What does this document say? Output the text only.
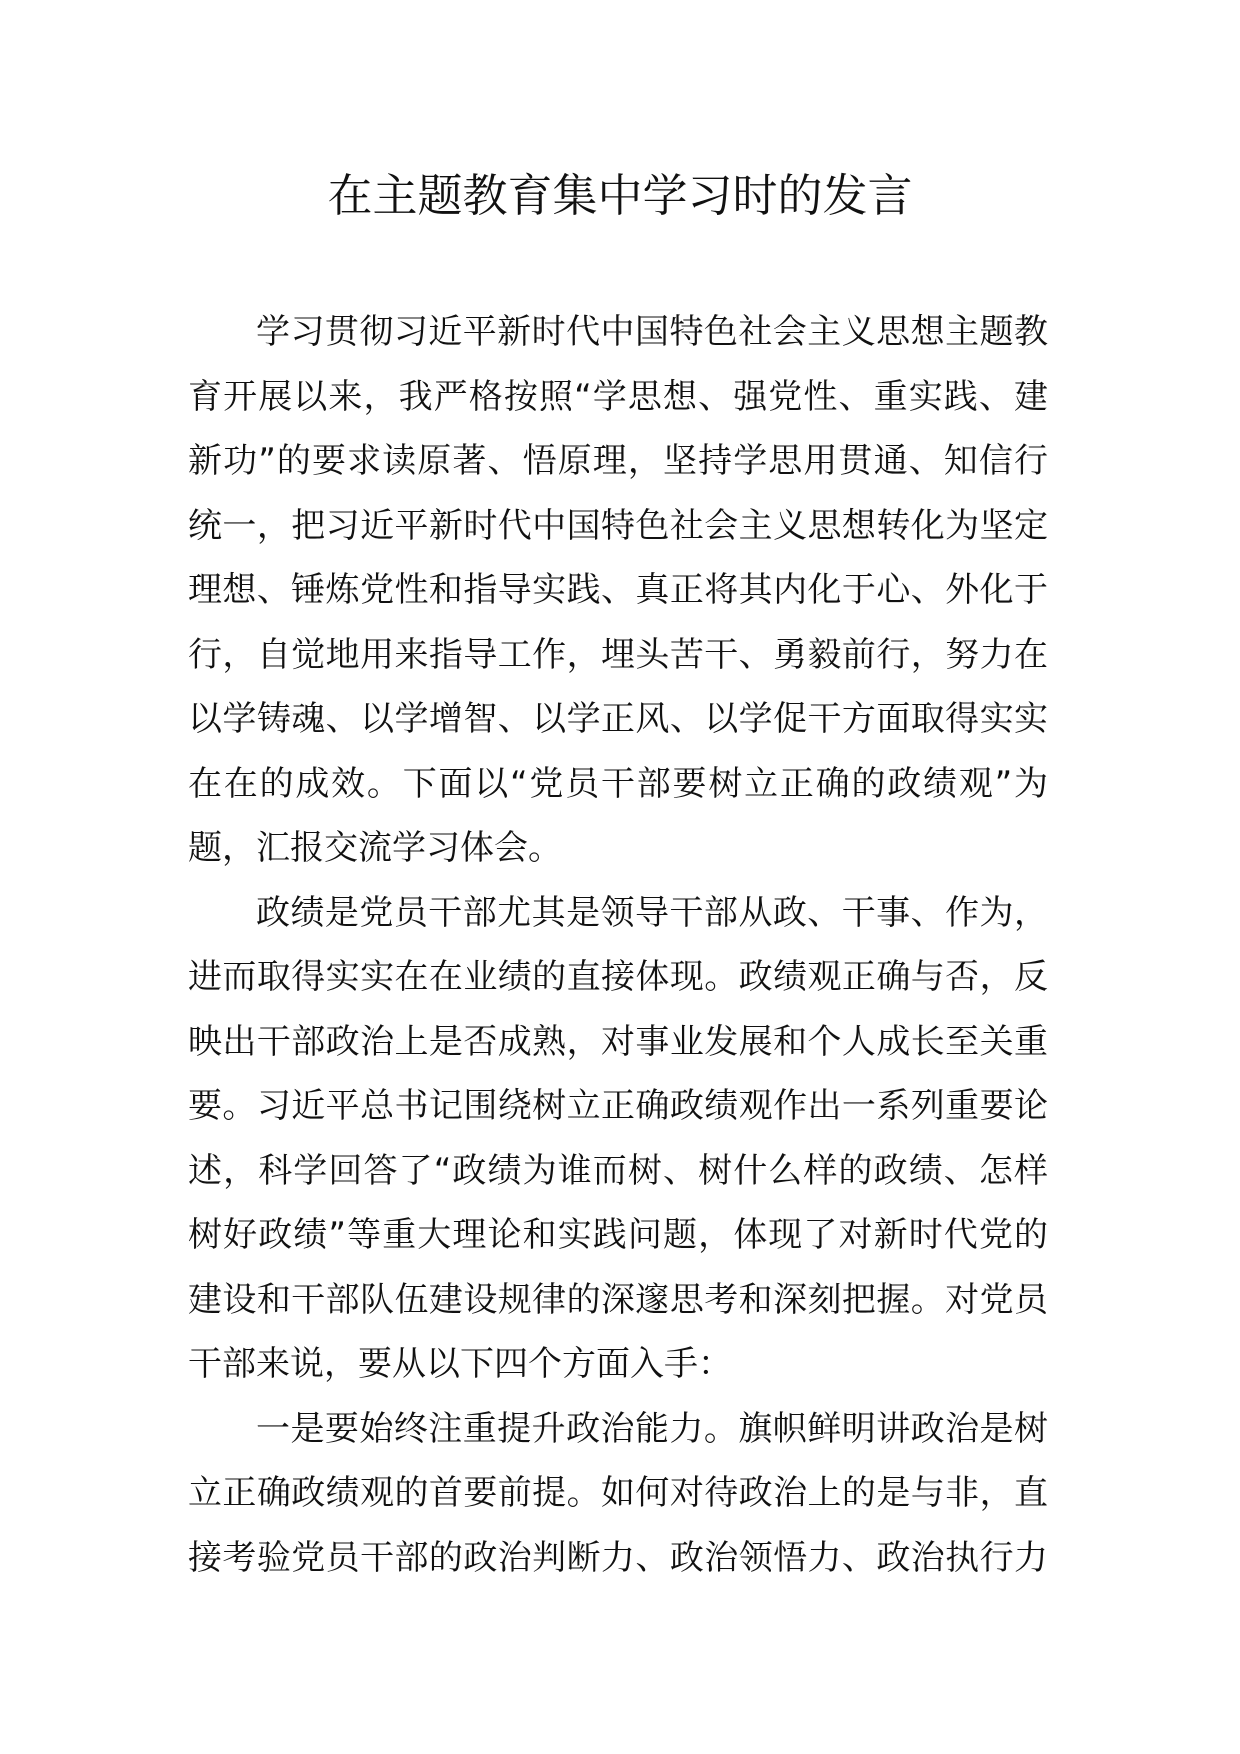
在主题教育集中学习时的发言
学习贯彻习近平新时代中国特色社会主义思想主题教
育开展以来，我严格按照“学思想、强党性、重实践、建
新功”的要求读原著、悟原理，坚持学思用贯通、知信行
统一，把习近平新时代中国特色社会主义思想转化为坚定
理想、锤炼党性和指导实践、真正将其内化于心、外化于
行，自觉地用来指导工作，埋头苦干、勇毅前行，努力在
以学铸魂、以学增智、以学正风、以学促干方面取得实实
在在的成效。下面以“党员干部要树立正确的政绩观”为
题，汇报交流学习体会。
政绩是党员干部尤其是领导干部从政、干事、作为，
进而取得实实在在业绩的直接体现。政绩观正确与否，反
映出干部政治上是否成熟，对事业发展和个人成长至关重
要。习近平总书记围绕树立正确政绩观作出一系列重要论
述，科学回答了“政绩为谁而树、树什么样的政绩、怎样
树好政绩”等重大理论和实践问题，体现了对新时代党的
建设和干部队伍建设规律的深邃思考和深刻把握。对党员
干部来说，要从以下四个方面入手：
一是要始终注重提升政治能力。旗帜鲜明讲政治是树
立正确政绩观的首要前提。如何对待政治上的是与非，直
接考验党员干部的政治判断力、政治领悟力、政治执行力
